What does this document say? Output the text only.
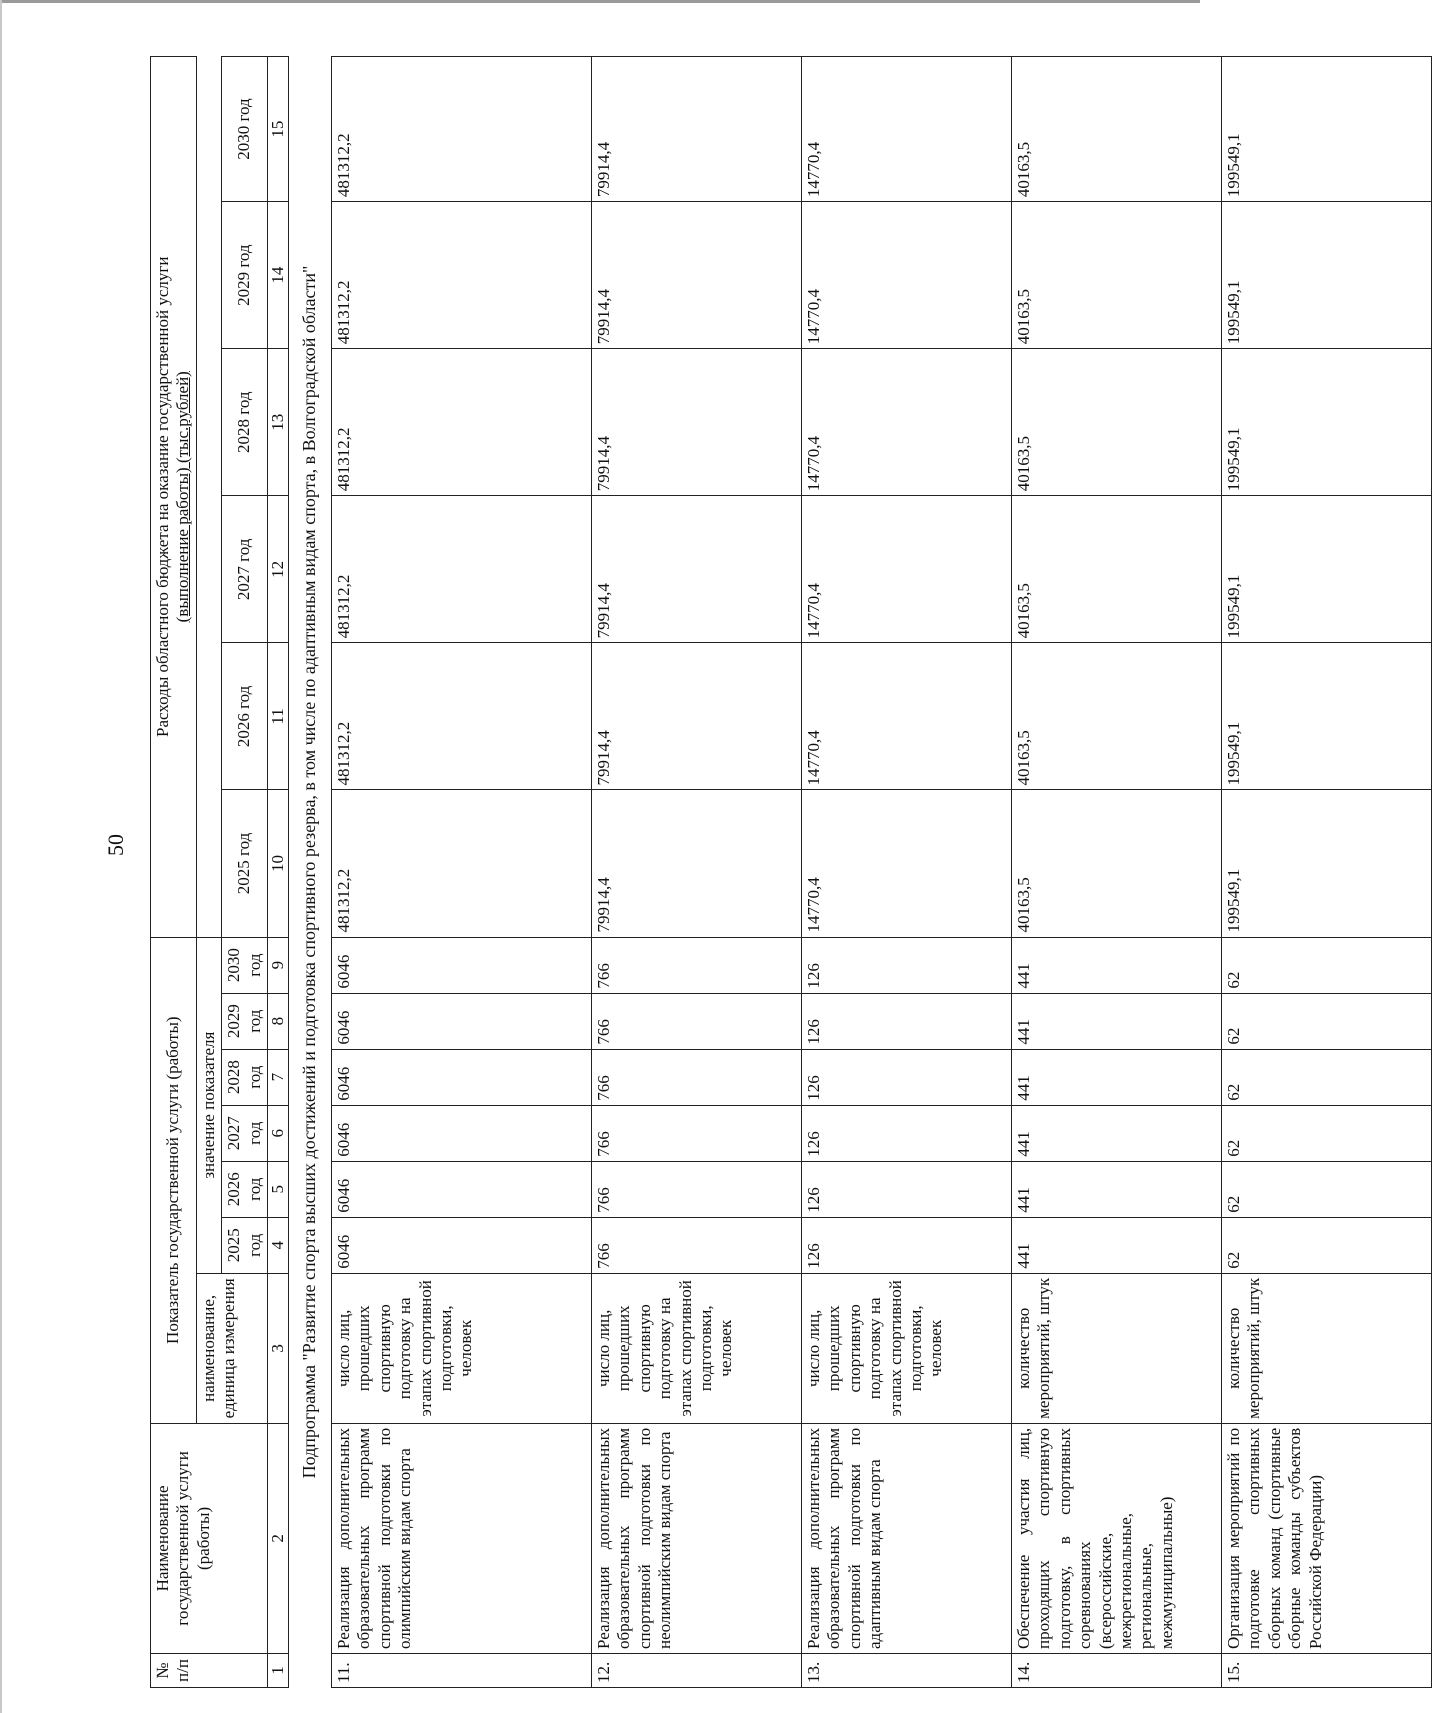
50
№ п/п	Наименование государственной услуги (работы)	Показатель государственной услуги (работы)							Расходы областного бюджета на оказание государственной услуги
(выполнение работы) (тыс.рублей)					
		наименование, единица измерения	значение показателя											
			2025 год	2026 год	2027 год	2028 год	2029 год	2030 год	2025 год	2026 год	2027 год	2028 год	2029 год	2030 год
1	2	3	4	5	6	7	8	9	10	11	12	13	14	15
Подпрограмма "Развитие спорта высших достижений и подготовка спортивного резерва, в том числе по адаптивным видам спорта, в Волгоградской области"														
11.	Реализация дополнительных образовательных программ спортивной подготовки по олимпийским видам спорта	число лиц, прошедших спортивную подготовку на этапах спортивной подготовки, человек	6046	6046	6046	6046	6046	6046	481312,2	481312,2	481312,2	481312,2	481312,2	481312,2
12.	Реализация дополнительных образовательных программ спортивной подготовки по неолимпийским видам спорта	число лиц, прошедших спортивную подготовку на этапах спортивной подготовки, человек	766	766	766	766	766	766	79914,4	79914,4	79914,4	79914,4	79914,4	79914,4
13.	Реализация дополнительных образовательных программ спортивной подготовки по адаптивным видам спорта	число лиц, прошедших спортивную подготовку на этапах спортивной подготовки, человек	126	126	126	126	126	126	14770,4	14770,4	14770,4	14770,4	14770,4	14770,4
14.	Обеспечение участия лиц, проходящих спортивную подготовку, в спортивных соревнованиях (всероссийские, межрегиональные, региональные, межмуниципальные)	количество мероприятий, штук	441	441	441	441	441	441	40163,5	40163,5	40163,5	40163,5	40163,5	40163,5
15.	Организация мероприятий по подготовке спортивных сборных команд (спортивные сборные команды субъектов Российской Федерации)	количество мероприятий, штук	62	62	62	62	62	62	199549,1	199549,1	199549,1	199549,1	199549,1	199549,1
